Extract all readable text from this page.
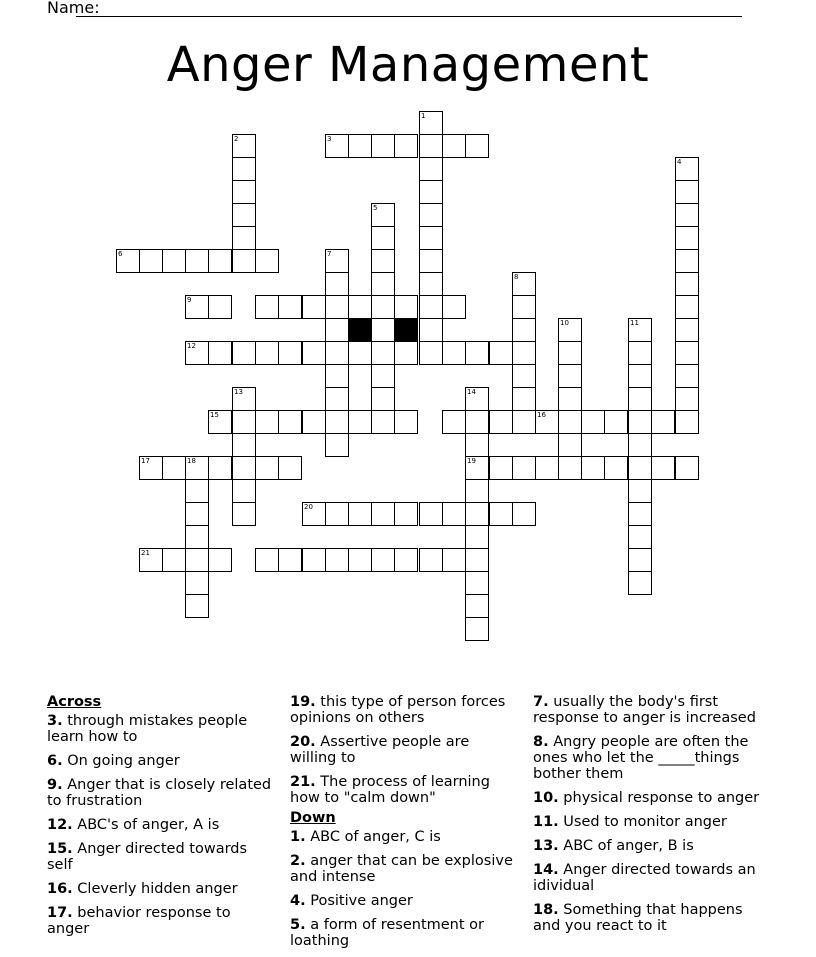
Name:
Anger Management
1
2	3
4
5
6	7
8
9
10	11
12
13	14
19
15	16
17	18
20
21
Across
3. through mistakes people learn how to
6. On going anger
9. Anger that is closely related to frustration
12. ABC's of anger, A is
15. Anger directed towards self
16. Cleverly hidden anger
17. behavior response to anger
19. this type of person forces opinions on others
20. Assertive people are willing to
21. The process of learning how to "calm down"
Down
1. ABC of anger, C is
2. anger that can be explosive and intense
4. Positive anger
5. a form of resentment or loathing
7. usually the body's first response to anger is increased
8. Angry people are often the ones who let the _____things bother them
10. physical response to anger
11. Used to monitor anger
13. ABC of anger, B is
14. Anger directed towards an idividual
18. Something that happens and you react to it
